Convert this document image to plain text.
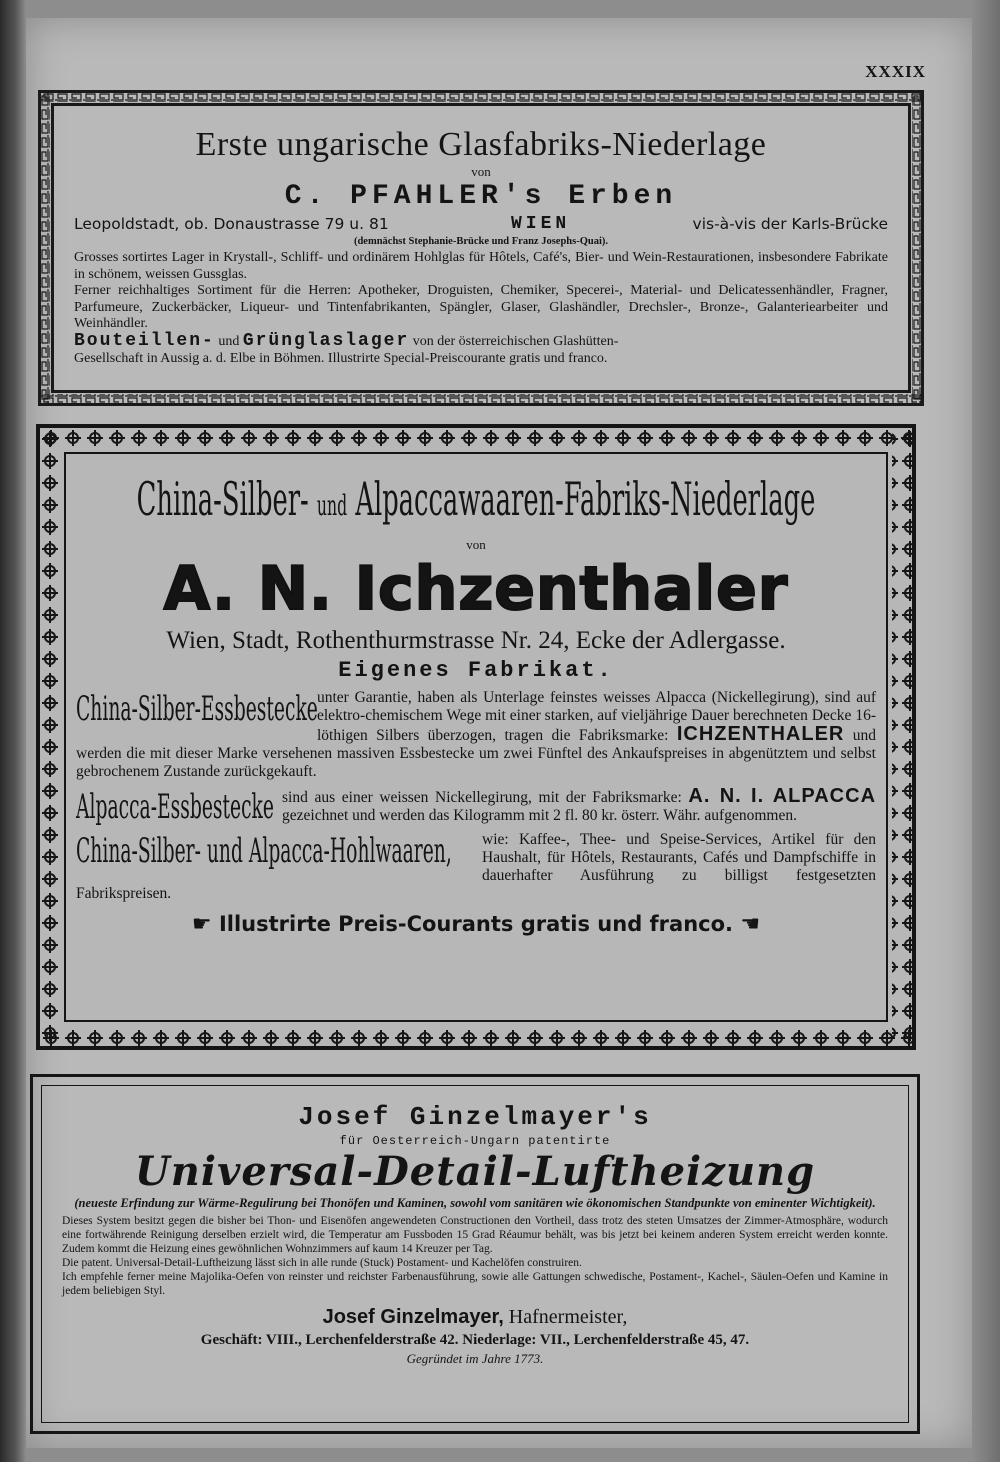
XXXIX
Erste ungarische Glasfabriks-Niederlage
von
C. PFAHLER's Erben
Leopoldstadt, ob. Donaustrasse 79 u. 81	WIEN	vis-à-vis der Karls-Brücke
(demnächst Stephanie-Brücke und Franz Josephs-Quai).
Grosses sortirtes Lager in Krystall-, Schliff- und ordinärem Hohlglas für Hôtels, Café's, Bier- und Wein-Restaurationen, insbesondere Fabrikate in schönem, weissen Gussglas.
Ferner reichhaltiges Sortiment für die Herren: Apotheker, Droguisten, Chemiker, Specerei-, Material- und Delicatessenhändler, Fragner, Parfumeure, Zuckerbäcker, Liqueur- und Tintenfabrikanten, Spängler, Glaser, Glashändler, Drechsler-, Bronze-, Galanteriearbeiter und Weinhändler.
Bouteillen- und Grünglaslager von der österreichischen Glashütten-
Gesellschaft in Aussig a. d. Elbe in Böhmen. Illustrirte Special-Preiscourante gratis und franco.
China-Silber- und Alpaccawaaren-Fabriks-Niederlage
von
A. N. Ichzenthaler
Wien, Stadt, Rothenthurmstrasse Nr. 24, Ecke der Adlergasse.
Eigenes Fabrikat.
China-Silber-Essbestecke unter Garantie, haben als Unterlage feinstes weisses Alpacca (Nickellegirung), sind auf elektro-chemischem Wege mit einer starken, auf vieljährige Dauer berechneten Decke 16-löthigen Silbers überzogen, tragen die Fabriksmarke: ICHZENTHALER und werden die mit dieser Marke versehenen massiven Essbestecke um zwei Fünftel des Ankaufspreises in abgenütztem und selbst gebrochenem Zustande zurückgekauft.
Alpacca-Essbestecke sind aus einer weissen Nickellegirung, mit der Fabriksmarke: A. N. I. ALPACCA gezeichnet und werden das Kilogramm mit 2 fl. 80 kr. österr. Währ. aufgenommen.
China-Silber- und Alpacca-Hohlwaaren, wie: Kaffee-, Thee- und Speise-Services, Artikel für den Haushalt, für Hôtels, Restaurants, Cafés und Dampfschiffe in dauerhafter Ausführung zu billigst festgesetzten Fabrikspreisen.
☛ Illustrirte Preis-Courants gratis und franco. ☚
Josef Ginzelmayer's
für Oesterreich-Ungarn patentirte
Universal-Detail-Luftheizung
(neueste Erfindung zur Wärme-Regulirung bei Thonöfen und Kaminen, sowohl vom sanitären wie ökonomischen Standpunkte von eminenter Wichtigkeit).

Dieses System besitzt gegen die bisher bei Thon- und Eisenöfen angewendeten Constructionen den Vortheil, dass trotz des steten Umsatzes der Zimmer-Atmosphäre, wodurch eine fortwährende Reinigung derselben erzielt wird, die Temperatur am Fussboden 15 Grad Réaumur behält, was bis jetzt bei keinem anderen System erreicht werden konnte. Zudem kommt die Heizung eines gewöhnlichen Wohnzimmers auf kaum 14 Kreuzer per Tag.

Die patent. Universal-Detail-Luftheizung lässt sich in alle runde (Stuck) Postament- und Kachelöfen construiren.

Ich empfehle ferner meine Majolika-Oefen von reinster und reichster Farbenausführung, sowie alle Gattungen schwedische, Postament-, Kachel-, Säulen-Oefen und Kamine in jedem beliebigen Styl.

Josef Ginzelmayer, Hafnermeister,
Geschäft: VIII., Lerchenfelderstraße 42. Niederlage: VII., Lerchenfelderstraße 45, 47.
Gegründet im Jahre 1773.
